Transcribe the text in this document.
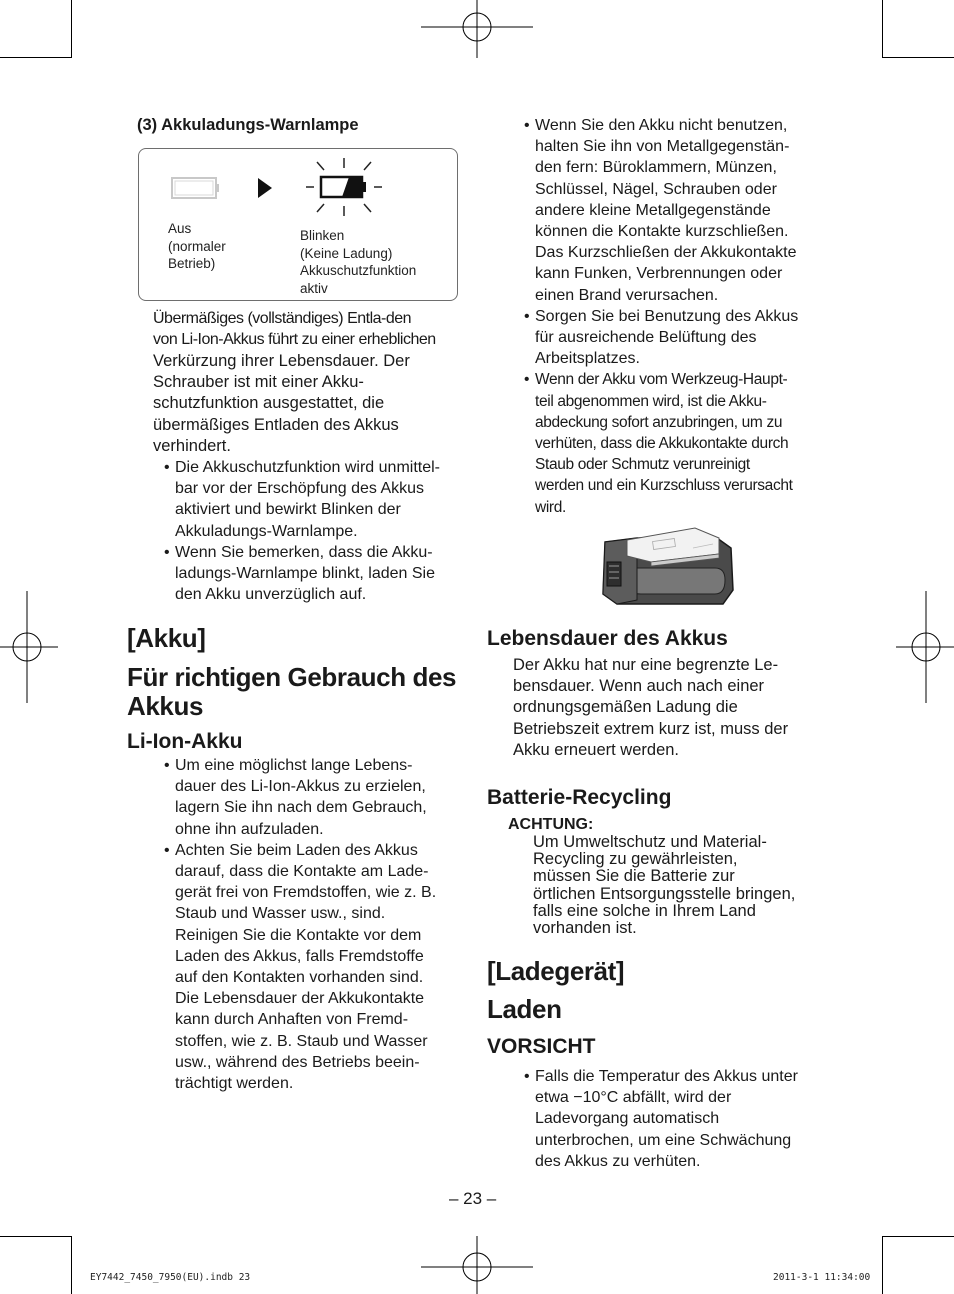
(3) Akkuladungs-Warnlampe
Aus
(normaler
Betrieb)
Blinken
(Keine Ladung)
Akkuschutzfunktion
aktiv
Übermäßiges (vollständiges) Entla-den
von Li-Ion-Akkus führt zu einer erheblichen
Verkürzung ihrer Lebensdauer. Der
Schrauber ist mit einer Akku-
schutzfunktion ausgestattet, die
übermäßiges Entladen des Akkus
verhindert.
• Die Akkuschutzfunktion wird unmittel-
bar vor der Erschöpfung des Akkus
aktiviert und bewirkt Blinken der
Akkuladungs-Warnlampe.
• Wenn Sie bemerken, dass die Akku-
ladungs-Warnlampe blinkt, laden Sie
den Akku unverzüglich auf.
[Akku]
Für richtigen Gebrauch des
Akkus
Li-Ion-Akku
• Um eine möglichst lange Lebens-
dauer des Li-Ion-Akkus zu erzielen,
lagern Sie ihn nach dem Gebrauch,
ohne ihn aufzuladen.
• Achten Sie beim Laden des Akkus
darauf, dass die Kontakte am Lade-
gerät frei von Fremdstoffen, wie z. B.
Staub und Wasser usw., sind.
Reinigen Sie die Kontakte vor dem
Laden des Akkus, falls Fremdstoffe
auf den Kontakten vorhanden sind.
Die Lebensdauer der Akkukontakte
kann durch Anhaften von Fremd-
stoffen, wie z. B. Staub und Wasser
usw., während des Betriebs beein-
trächtigt werden.
• Wenn Sie den Akku nicht benutzen,
halten Sie ihn von Metallgegenstän-
den fern: Büroklammern, Münzen,
Schlüssel, Nägel, Schrauben oder
andere kleine Metallgegenstände
können die Kontakte kurzschließen.
Das Kurzschließen der Akkukontakte
kann Funken, Verbrennungen oder
einen Brand verursachen.
• Sorgen Sie bei Benutzung des Akkus
für ausreichende Belüftung des
Arbeitsplatzes.
• Wenn der Akku vom Werkzeug-Haupt-
teil abgenommen wird, ist die Akku-
abdeckung sofort anzubringen, um zu
verhüten, dass die Akkukontakte durch
Staub oder Schmutz verunreinigt
werden und ein Kurzschluss verursacht
wird.
Lebensdauer des Akkus
Der Akku hat nur eine begrenzte Le-
bensdauer. Wenn auch nach einer
ordnungsgemäßen Ladung die
Betriebszeit extrem kurz ist, muss der
Akku erneuert werden.
Batterie-Recycling
ACHTUNG:
Um Umweltschutz und Material-
Recycling zu gewährleisten,
müssen Sie die Batterie zur
örtlichen Entsorgungsstelle bringen,
falls eine solche in Ihrem Land
vorhanden ist.
[Ladegerät]
Laden
VORSICHT
• Falls die Temperatur des Akkus unter
etwa −10°C abfällt, wird der
Ladevorgang automatisch
unterbrochen, um eine Schwächung
des Akkus zu verhüten.
– 23 –
EY7442_7450_7950(EU).indb 23	2011-3-1 11:34:00
